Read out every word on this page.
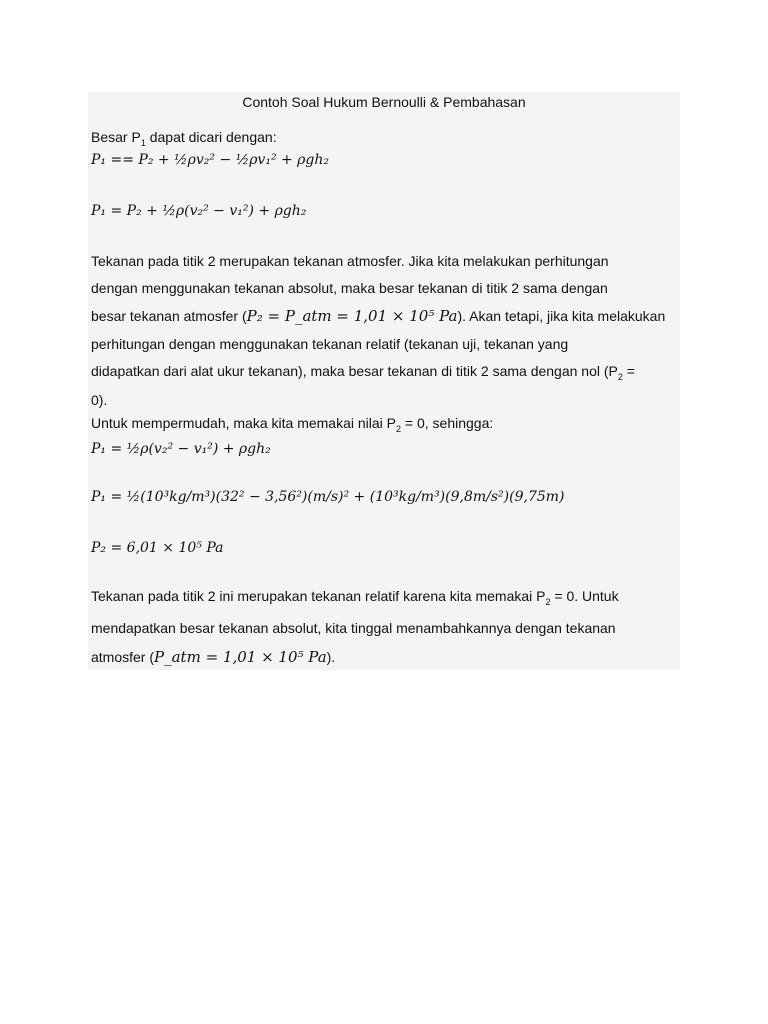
Contoh Soal Hukum Bernoulli & Pembahasan
Besar $P_1$ dapat dicari dengan:
P₁ == P₂ + ½ρv₂² − ½ρv₁² + ρgh₂
P₁ = P₂ + ½ρ(v₂² − v₁²) + ρgh₂
Tekanan pada titik 2 merupakan tekanan atmosfer. Jika kita melakukan perhitungan
dengan menggunakan tekanan absolut, maka besar tekanan di titik 2 sama dengan
besar tekanan atmosfer (P₂ = P_atm = 1,01 × 10⁵ Pa). Akan tetapi, jika kita melakukan
perhitungan dengan menggunakan tekanan relatif (tekanan uji, tekanan yang
didapatkan dari alat ukur tekanan), maka besar tekanan di titik 2 sama dengan nol ($P_2$ =
0).
Untuk mempermudah, maka kita memakai nilai $P_2 = 0$, sehingga:
P₁ = ½ρ(v₂² − v₁²) + ρgh₂
P₁ = ½(10³kg/m³)(32² − 3,56²)(m/s)² + (10³kg/m³)(9,8m/s²)(9,75m)
P₂ = 6,01 × 10⁵ Pa
Tekanan pada titik 2 ini merupakan tekanan relatif karena kita memakai $P_2 = 0$. Untuk
mendapatkan besar tekanan absolut, kita tinggal menambahkannya dengan tekanan
atmosfer (P_atm = 1,01 × 10⁵ Pa).
